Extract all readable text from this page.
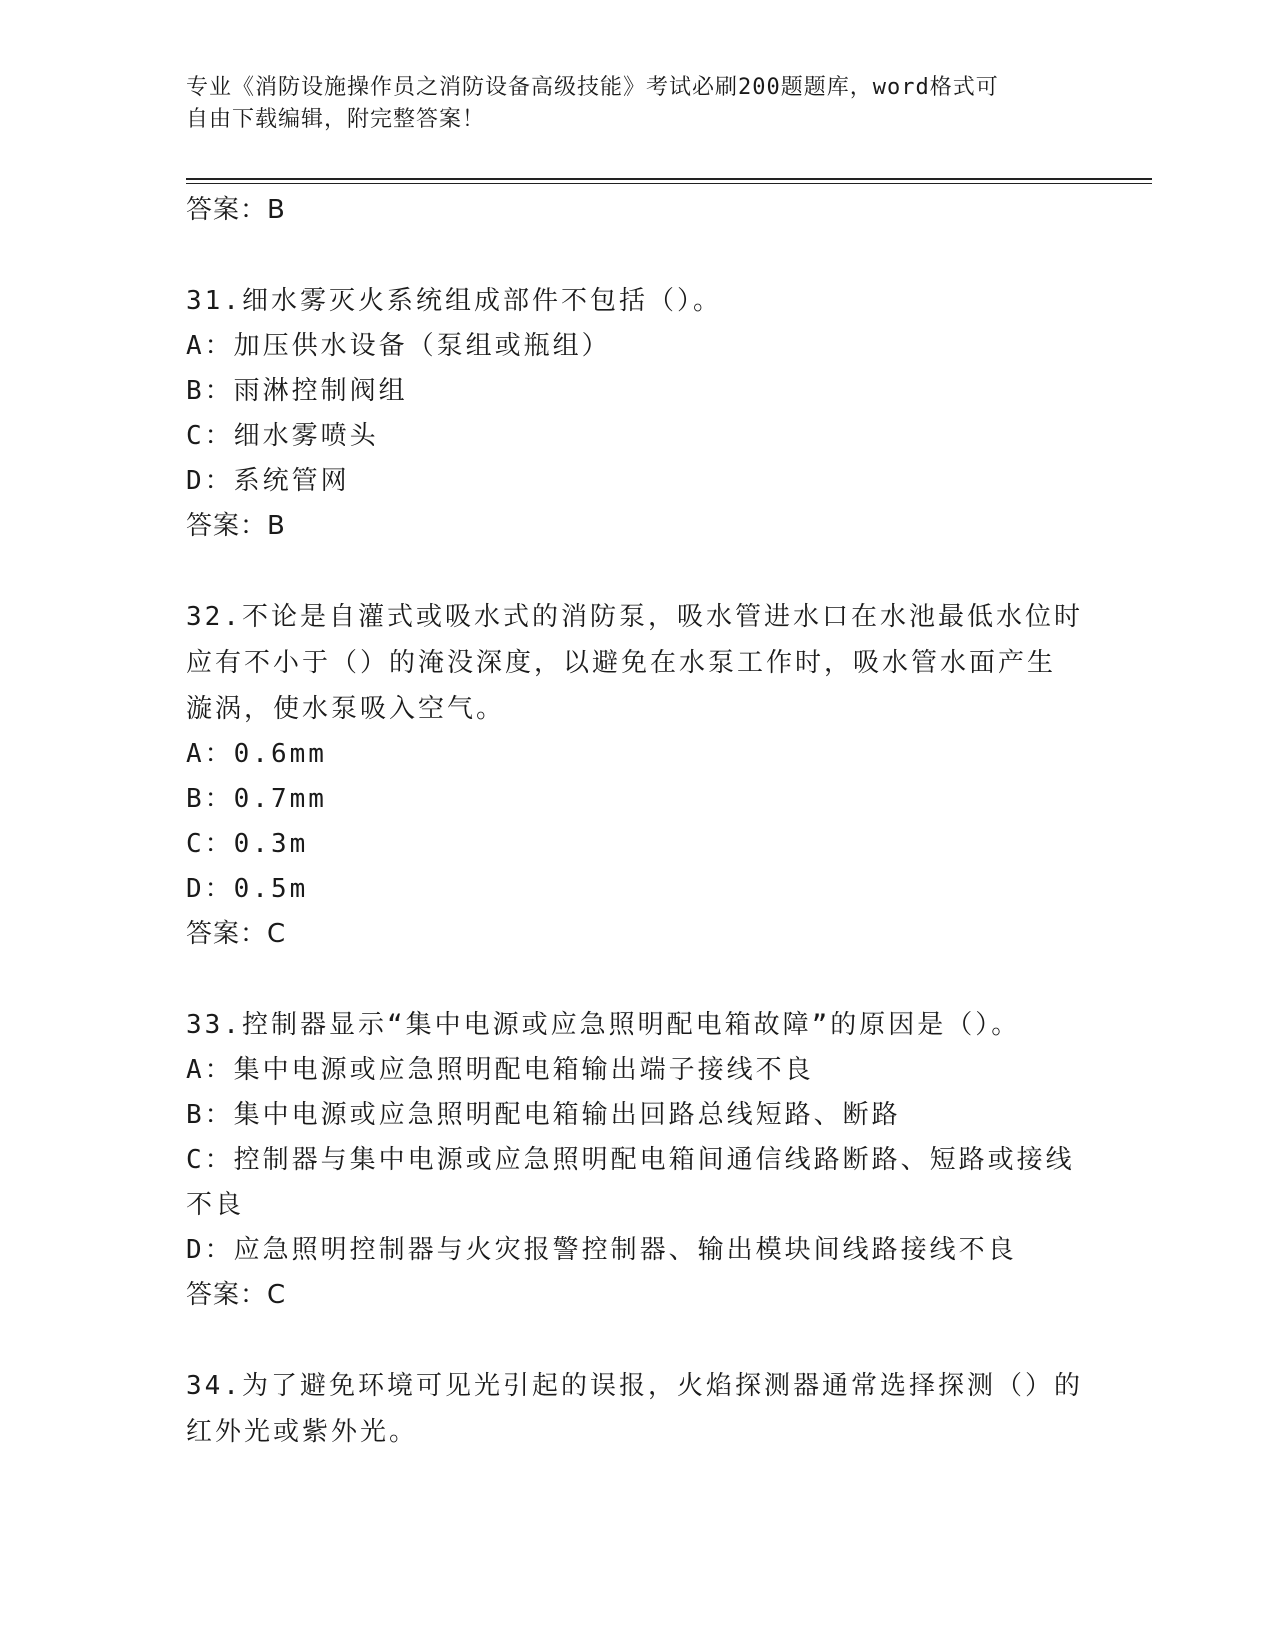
专业《消防设施操作员之消防设备高级技能》考试必刷200题题库，word格式可
自由下载编辑，附完整答案！
答案：B
31.细水雾灭火系统组成部件不包括（）。
A：加压供水设备（泵组或瓶组）
B：雨淋控制阀组
C：细水雾喷头
D：系统管网
答案：B
32.不论是自灌式或吸水式的消防泵，吸水管进水口在水池最低水位时
应有不小于（）的淹没深度，以避免在水泵工作时，吸水管水面产生
漩涡，使水泵吸入空气。
A：0.6mm
B：0.7mm
C：0.3m
D：0.5m
答案：C
33.控制器显示“集中电源或应急照明配电箱故障”的原因是（）。
A：集中电源或应急照明配电箱输出端子接线不良
B：集中电源或应急照明配电箱输出回路总线短路、断路
C：控制器与集中电源或应急照明配电箱间通信线路断路、短路或接线
不良
D：应急照明控制器与火灾报警控制器、输出模块间线路接线不良
答案：C
34.为了避免环境可见光引起的误报，火焰探测器通常选择探测（）的
红外光或紫外光。
